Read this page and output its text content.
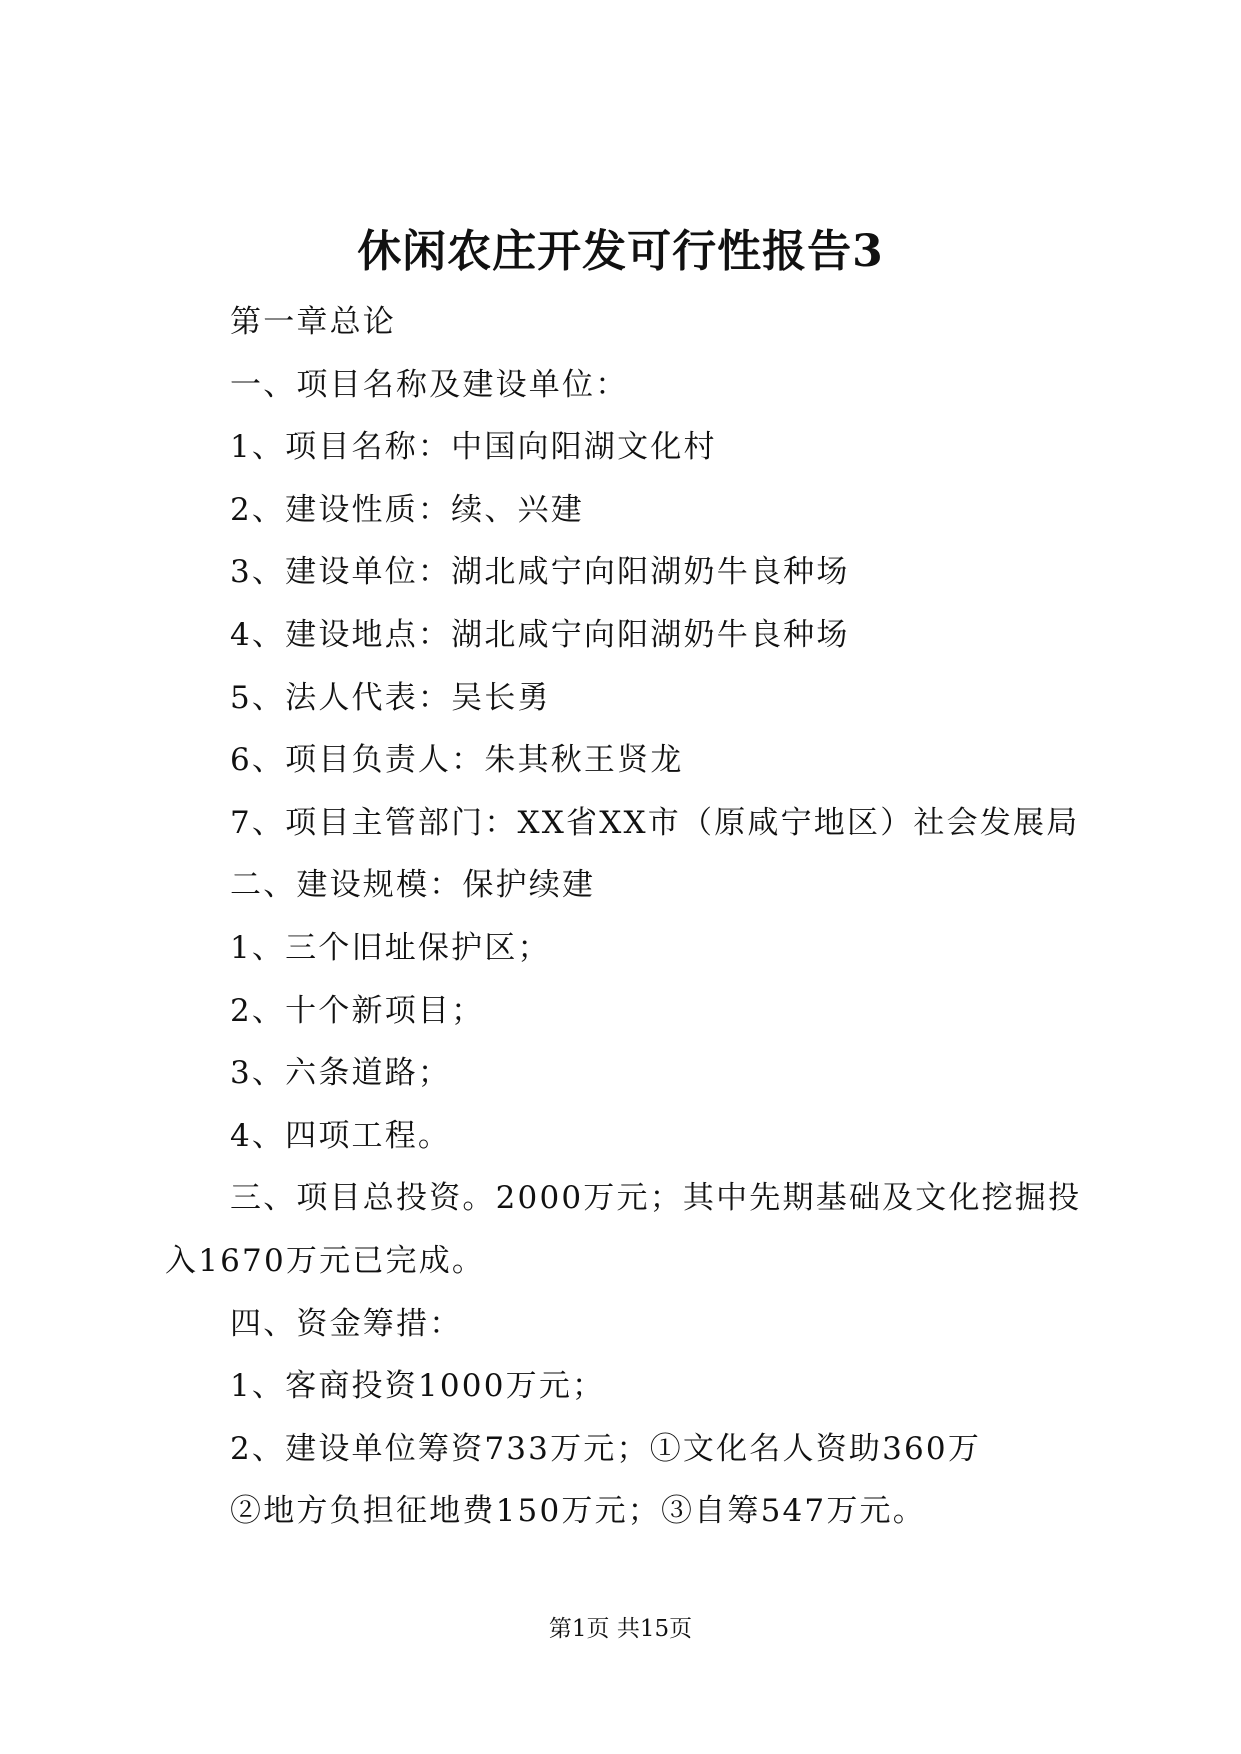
休闲农庄开发可行性报告3
第一章总论
一、项目名称及建设单位：
1、项目名称：中国向阳湖文化村
2、建设性质：续、兴建
3、建设单位：湖北咸宁向阳湖奶牛良种场
4、建设地点：湖北咸宁向阳湖奶牛良种场
5、法人代表：吴长勇
6、项目负责人：朱其秋王贤龙
7、项目主管部门：XX省XX市（原咸宁地区）社会发展局
二、建设规模：保护续建
1、三个旧址保护区；
2、十个新项目；
3、六条道路；
4、四项工程。
三、项目总投资。2000万元；其中先期基础及文化挖掘投
入1670万元已完成。
四、资金筹措：
1、客商投资1000万元；
2、建设单位筹资733万元；①文化名人资助360万
②地方负担征地费150万元；③自筹547万元。
第1页 共15页
